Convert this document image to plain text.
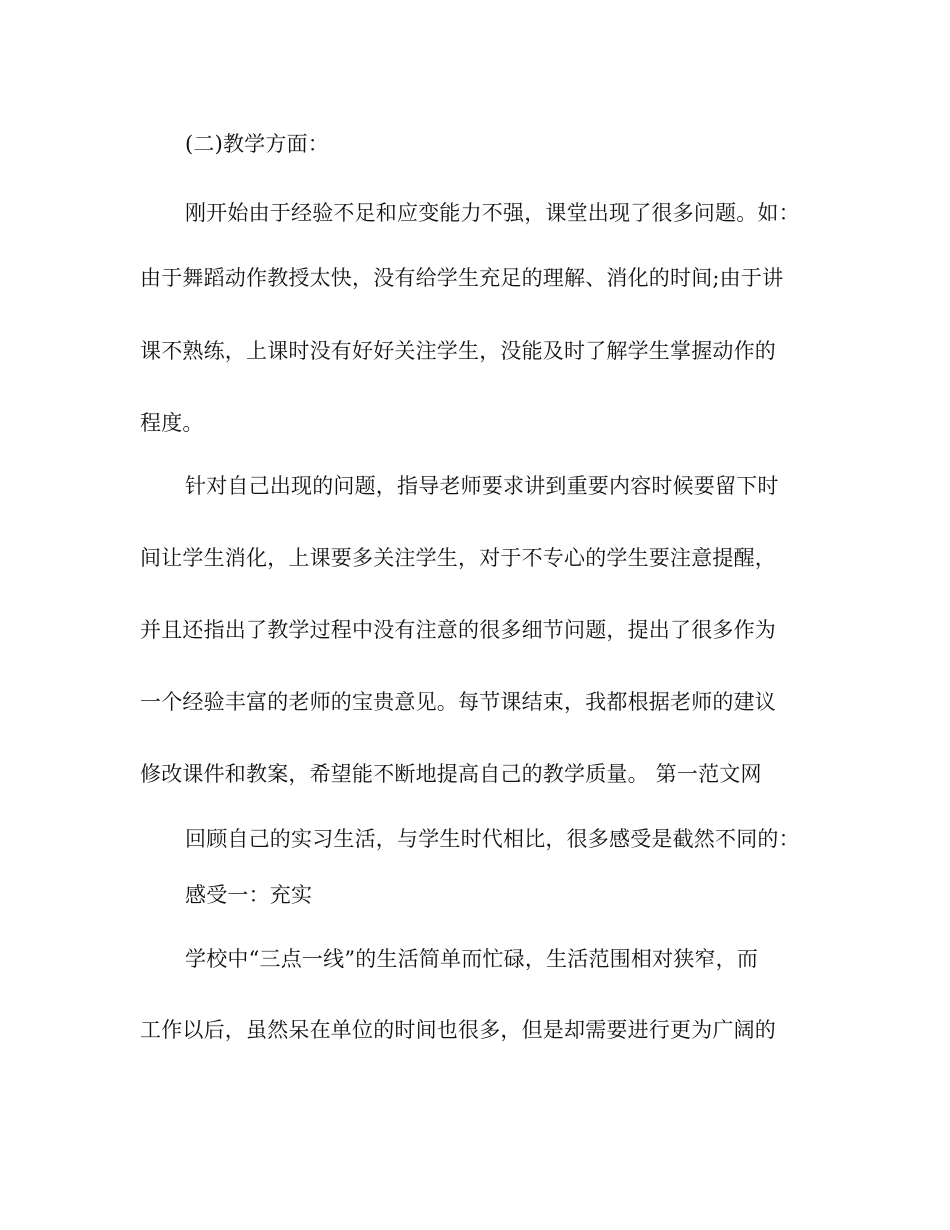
(二)教学方面：

刚开始由于经验不足和应变能力不强，课堂出现了很多问题。如：

由于舞蹈动作教授太快，没有给学生充足的理解、消化的时间;由于讲

课不熟练，上课时没有好好关注学生，没能及时了解学生掌握动作的

程度。

针对自己出现的问题，指导老师要求讲到重要内容时候要留下时

间让学生消化，上课要多关注学生，对于不专心的学生要注意提醒，

并且还指出了教学过程中没有注意的很多细节问题，提出了很多作为

一个经验丰富的老师的宝贵意见。每节课结束，我都根据老师的建议

修改课件和教案，希望能不断地提高自己的教学质量。 第一范文网

回顾自己的实习生活，与学生时代相比，很多感受是截然不同的：

感受一：充实

学校中“三点一线”的生活简单而忙碌，生活范围相对狭窄，而

工作以后，虽然呆在单位的时间也很多，但是却需要进行更为广阔的
